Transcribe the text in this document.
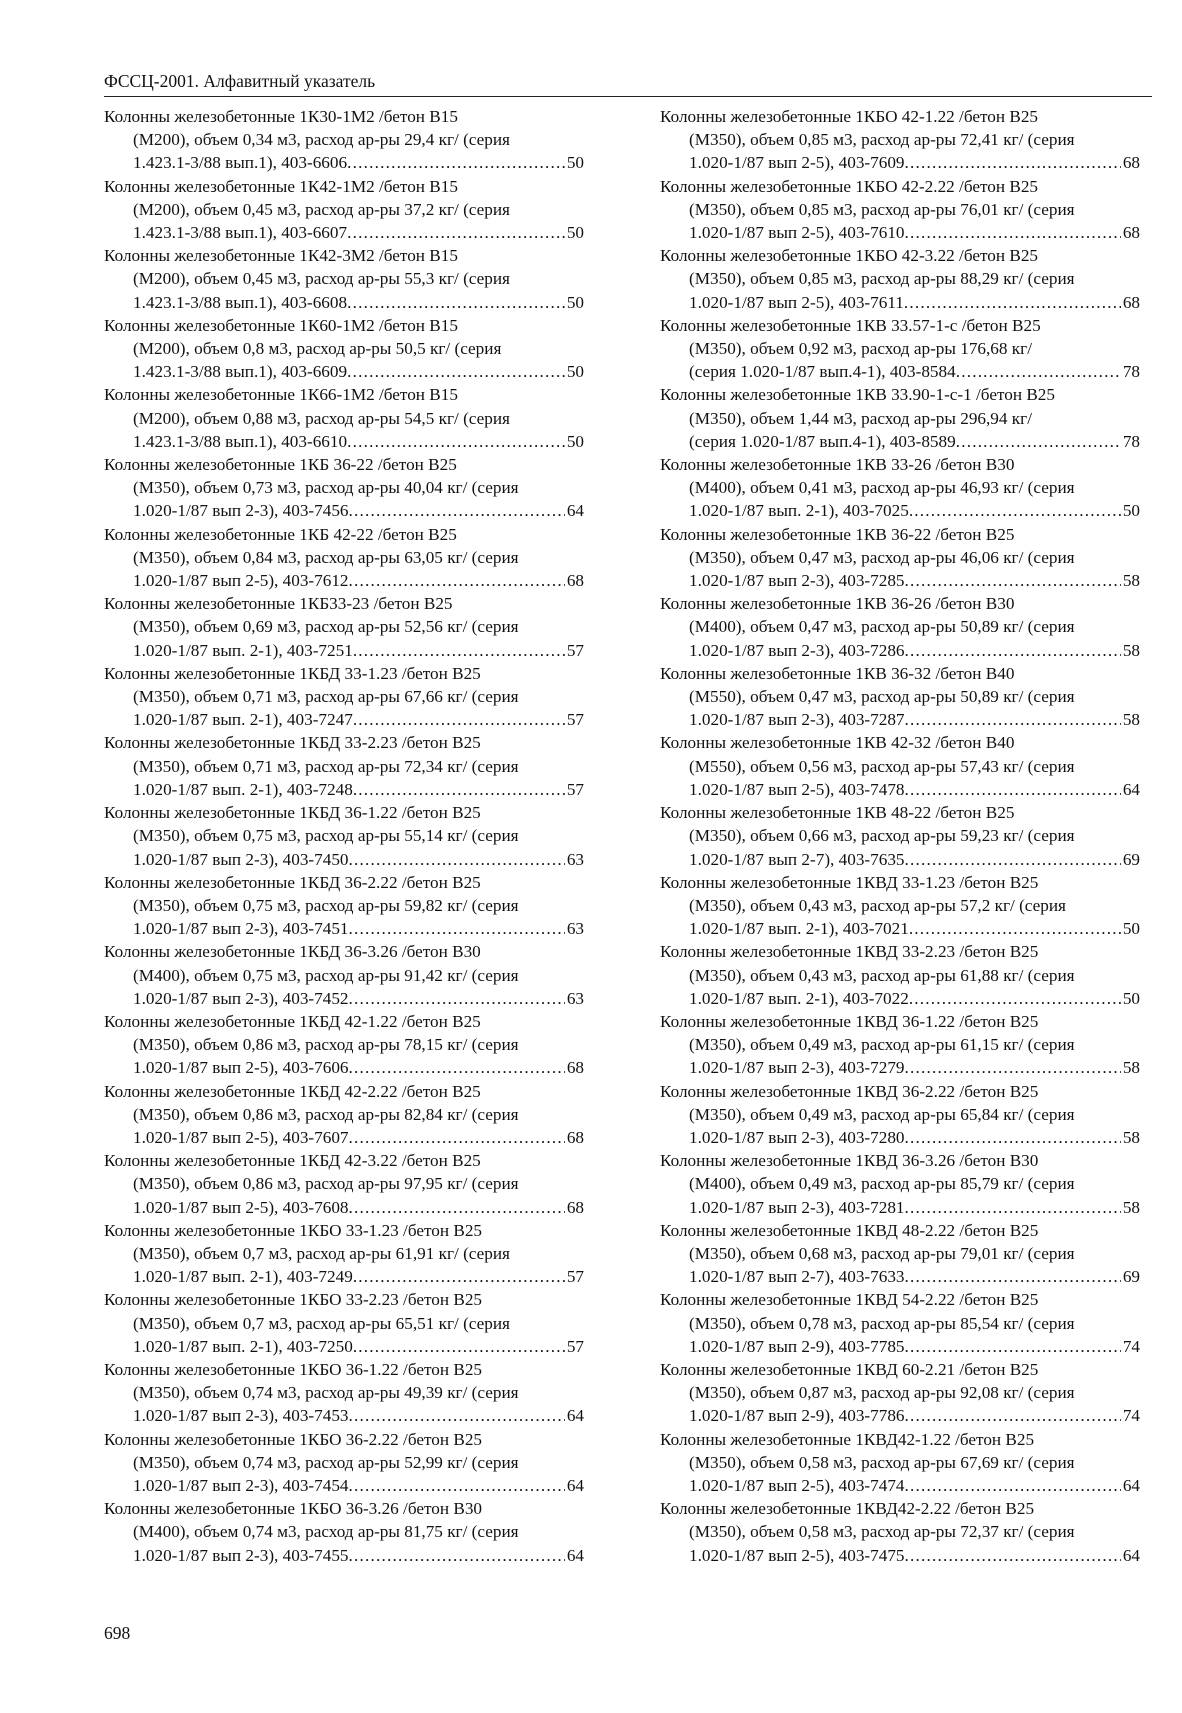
ФССЦ-2001. Алфавитный указатель
Колонны железобетонные 1К30-1М2 /бетон B15
(М200), объем 0,34 м3, расход ар-ры 29,4 кг/ (серия
1.423.1-3/88 вып.1), 403-6606 .....	50
Колонны железобетонные 1К42-1М2 /бетон B15
(М200), объем 0,45 м3, расход ар-ры 37,2 кг/ (серия
1.423.1-3/88 вып.1), 403-6607 .....	50
Колонны железобетонные 1К42-3М2 /бетон B15
(М200), объем 0,45 м3, расход ар-ры 55,3 кг/ (серия
1.423.1-3/88 вып.1), 403-6608 .....	50
Колонны железобетонные 1К60-1М2 /бетон B15
(М200), объем 0,8 м3, расход ар-ры 50,5 кг/ (серия
1.423.1-3/88 вып.1), 403-6609 .....	50
Колонны железобетонные 1К66-1М2 /бетон B15
(М200), объем 0,88 м3, расход ар-ры 54,5 кг/ (серия
1.423.1-3/88 вып.1), 403-6610 .....	50
Колонны железобетонные 1КБ 36-22 /бетон B25
(М350), объем 0,73 м3, расход ар-ры 40,04 кг/ (серия
1.020-1/87 вып 2-3), 403-7456 .....	64
Колонны железобетонные 1КБ 42-22 /бетон B25
(М350), объем 0,84 м3, расход ар-ры 63,05 кг/ (серия
1.020-1/87 вып 2-5), 403-7612 .....	68
Колонны железобетонные 1КБ33-23 /бетон B25
(М350), объем 0,69 м3, расход ар-ры 52,56 кг/ (серия
1.020-1/87 вып. 2-1), 403-7251 .....	57
Колонны железобетонные 1КБД 33-1.23 /бетон B25
(М350), объем 0,71 м3, расход ар-ры 67,66 кг/ (серия
1.020-1/87 вып. 2-1), 403-7247 .....	57
Колонны железобетонные 1КБД 33-2.23 /бетон B25
(М350), объем 0,71 м3, расход ар-ры 72,34 кг/ (серия
1.020-1/87 вып. 2-1), 403-7248 .....	57
Колонны железобетонные 1КБД 36-1.22 /бетон B25
(М350), объем 0,75 м3, расход ар-ры 55,14 кг/ (серия
1.020-1/87 вып 2-3), 403-7450 .....	63
Колонны железобетонные 1КБД 36-2.22 /бетон B25
(М350), объем 0,75 м3, расход ар-ры 59,82 кг/ (серия
1.020-1/87 вып 2-3), 403-7451 .....	63
Колонны железобетонные 1КБД 36-3.26 /бетон B30
(М400), объем 0,75 м3, расход ар-ры 91,42 кг/ (серия
1.020-1/87 вып 2-3), 403-7452 .....	63
Колонны железобетонные 1КБД 42-1.22 /бетон B25
(М350), объем 0,86 м3, расход ар-ры 78,15 кг/ (серия
1.020-1/87 вып 2-5), 403-7606 .....	68
Колонны железобетонные 1КБД 42-2.22 /бетон B25
(М350), объем 0,86 м3, расход ар-ры 82,84 кг/ (серия
1.020-1/87 вып 2-5), 403-7607 .....	68
Колонны железобетонные 1КБД 42-3.22 /бетон B25
(М350), объем 0,86 м3, расход ар-ры 97,95 кг/ (серия
1.020-1/87 вып 2-5), 403-7608 .....	68
Колонны железобетонные 1КБО 33-1.23 /бетон B25
(М350), объем 0,7 м3, расход ар-ры 61,91 кг/ (серия
1.020-1/87 вып. 2-1), 403-7249 .....	57
Колонны железобетонные 1КБО 33-2.23 /бетон B25
(М350), объем 0,7 м3, расход ар-ры 65,51 кг/ (серия
1.020-1/87 вып. 2-1), 403-7250 .....	57
Колонны железобетонные 1КБО 36-1.22 /бетон B25
(М350), объем 0,74 м3, расход ар-ры 49,39 кг/ (серия
1.020-1/87 вып 2-3), 403-7453 .....	64
Колонны железобетонные 1КБО 36-2.22 /бетон B25
(М350), объем 0,74 м3, расход ар-ры 52,99 кг/ (серия
1.020-1/87 вып 2-3), 403-7454 .....	64
Колонны железобетонные 1КБО 36-3.26 /бетон B30
(М400), объем 0,74 м3, расход ар-ры 81,75 кг/ (серия
1.020-1/87 вып 2-3), 403-7455 .....	64
Колонны железобетонные 1КБО 42-1.22 /бетон B25
(М350), объем 0,85 м3, расход ар-ры 72,41 кг/ (серия
1.020-1/87 вып 2-5), 403-7609 .....	68
Колонны железобетонные 1КБО 42-2.22 /бетон B25
(М350), объем 0,85 м3, расход ар-ры 76,01 кг/ (серия
1.020-1/87 вып 2-5), 403-7610 .....	68
Колонны железобетонные 1КБО 42-3.22 /бетон B25
(М350), объем 0,85 м3, расход ар-ры 88,29 кг/ (серия
1.020-1/87 вып 2-5), 403-7611 .....	68
Колонны железобетонные 1КВ 33.57-1-с /бетон B25
(М350), объем 0,92 м3, расход ар-ры 176,68 кг/
(серия 1.020-1/87 вып.4-1), 403-8584 .....	78
Колонны железобетонные 1КВ 33.90-1-с-1 /бетон B25
(М350), объем 1,44 м3, расход ар-ры 296,94 кг/
(серия 1.020-1/87 вып.4-1), 403-8589 .....	78
Колонны железобетонные 1КВ 33-26 /бетон B30
(М400), объем 0,41 м3, расход ар-ры 46,93 кг/ (серия
1.020-1/87 вып. 2-1), 403-7025 .....	50
Колонны железобетонные 1КВ 36-22 /бетон B25
(М350), объем 0,47 м3, расход ар-ры 46,06 кг/ (серия
1.020-1/87 вып 2-3), 403-7285 .....	58
Колонны железобетонные 1КВ 36-26 /бетон B30
(М400), объем 0,47 м3, расход ар-ры 50,89 кг/ (серия
1.020-1/87 вып 2-3), 403-7286 .....	58
Колонны железобетонные 1КВ 36-32 /бетон B40
(М550), объем 0,47 м3, расход ар-ры 50,89 кг/ (серия
1.020-1/87 вып 2-3), 403-7287 .....	58
Колонны железобетонные 1КВ 42-32 /бетон B40
(М550), объем 0,56 м3, расход ар-ры 57,43 кг/ (серия
1.020-1/87 вып 2-5), 403-7478 .....	64
Колонны железобетонные 1КВ 48-22 /бетон B25
(М350), объем 0,66 м3, расход ар-ры 59,23 кг/ (серия
1.020-1/87 вып 2-7), 403-7635 .....	69
Колонны железобетонные 1КВД 33-1.23 /бетон B25
(М350), объем 0,43 м3, расход ар-ры 57,2 кг/ (серия
1.020-1/87 вып. 2-1), 403-7021 .....	50
Колонны железобетонные 1КВД 33-2.23 /бетон B25
(М350), объем 0,43 м3, расход ар-ры 61,88 кг/ (серия
1.020-1/87 вып. 2-1), 403-7022 .....	50
Колонны железобетонные 1КВД 36-1.22 /бетон B25
(М350), объем 0,49 м3, расход ар-ры 61,15 кг/ (серия
1.020-1/87 вып 2-3), 403-7279 .....	58
Колонны железобетонные 1КВД 36-2.22 /бетон B25
(М350), объем 0,49 м3, расход ар-ры 65,84 кг/ (серия
1.020-1/87 вып 2-3), 403-7280 .....	58
Колонны железобетонные 1КВД 36-3.26 /бетон B30
(М400), объем 0,49 м3, расход ар-ры 85,79 кг/ (серия
1.020-1/87 вып 2-3), 403-7281 .....	58
Колонны железобетонные 1КВД 48-2.22 /бетон B25
(М350), объем 0,68 м3, расход ар-ры 79,01 кг/ (серия
1.020-1/87 вып 2-7), 403-7633 .....	69
Колонны железобетонные 1КВД 54-2.22 /бетон B25
(М350), объем 0,78 м3, расход ар-ры 85,54 кг/ (серия
1.020-1/87 вып 2-9), 403-7785 .....	74
Колонны железобетонные 1КВД 60-2.21 /бетон B25
(М350), объем 0,87 м3, расход ар-ры 92,08 кг/ (серия
1.020-1/87 вып 2-9), 403-7786 .....	74
Колонны железобетонные 1КВД42-1.22 /бетон B25
(М350), объем 0,58 м3, расход ар-ры 67,69 кг/ (серия
1.020-1/87 вып 2-5), 403-7474 .....	64
Колонны железобетонные 1КВД42-2.22 /бетон B25
(М350), объем 0,58 м3, расход ар-ры 72,37 кг/ (серия
1.020-1/87 вып 2-5), 403-7475 .....	64
698
